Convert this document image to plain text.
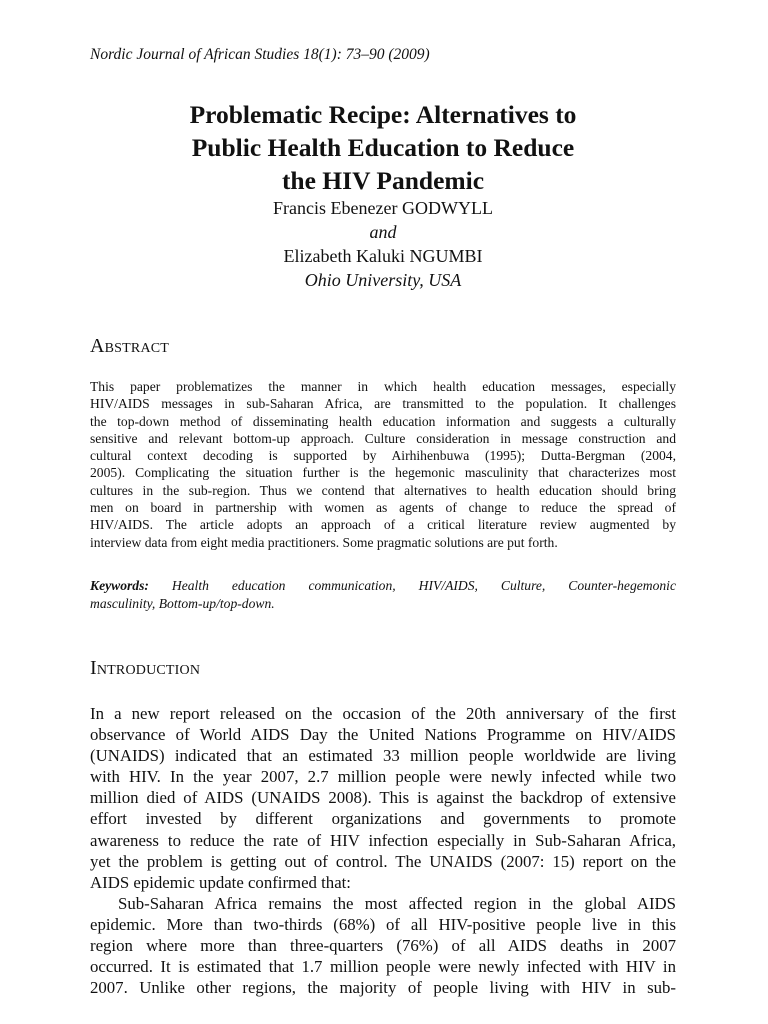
Nordic Journal of African Studies 18(1): 73–90 (2009)
Problematic Recipe: Alternatives to
Public Health Education to Reduce
the HIV Pandemic
Francis Ebenezer GODWYLL
and
Elizabeth Kaluki NGUMBI
Ohio University, USA
Abstract
This paper problematizes the manner in which health education messages, especially
HIV/AIDS messages in sub-Saharan Africa, are transmitted to the population. It challenges
the top-down method of disseminating health education information and suggests a culturally
sensitive and relevant bottom-up approach. Culture consideration in message construction and
cultural context decoding is supported by Airhihenbuwa (1995); Dutta-Bergman (2004,
2005). Complicating the situation further is the hegemonic masculinity that characterizes most
cultures in the sub-region. Thus we contend that alternatives to health education should bring
men on board in partnership with women as agents of change to reduce the spread of
HIV/AIDS. The article adopts an approach of a critical literature review augmented by
interview data from eight media practitioners. Some pragmatic solutions are put forth.
Keywords: Health education communication, HIV/AIDS, Culture, Counter-hegemonic
masculinity, Bottom-up/top-down.
Introduction
In a new report released on the occasion of the 20th anniversary of the first
observance of World AIDS Day the United Nations Programme on HIV/AIDS
(UNAIDS) indicated that an estimated 33 million people worldwide are living
with HIV. In the year 2007, 2.7 million people were newly infected while two
million died of AIDS (UNAIDS 2008). This is against the backdrop of extensive
effort invested by different organizations and governments to promote
awareness to reduce the rate of HIV infection especially in Sub-Saharan Africa,
yet the problem is getting out of control. The UNAIDS (2007: 15) report on the
AIDS epidemic update confirmed that:
Sub-Saharan Africa remains the most affected region in the global AIDS
epidemic. More than two-thirds (68%) of all HIV-positive people live in this
region where more than three-quarters (76%) of all AIDS deaths in 2007
occurred. It is estimated that 1.7 million people were newly infected with HIV in
2007. Unlike other regions, the majority of people living with HIV in sub-
